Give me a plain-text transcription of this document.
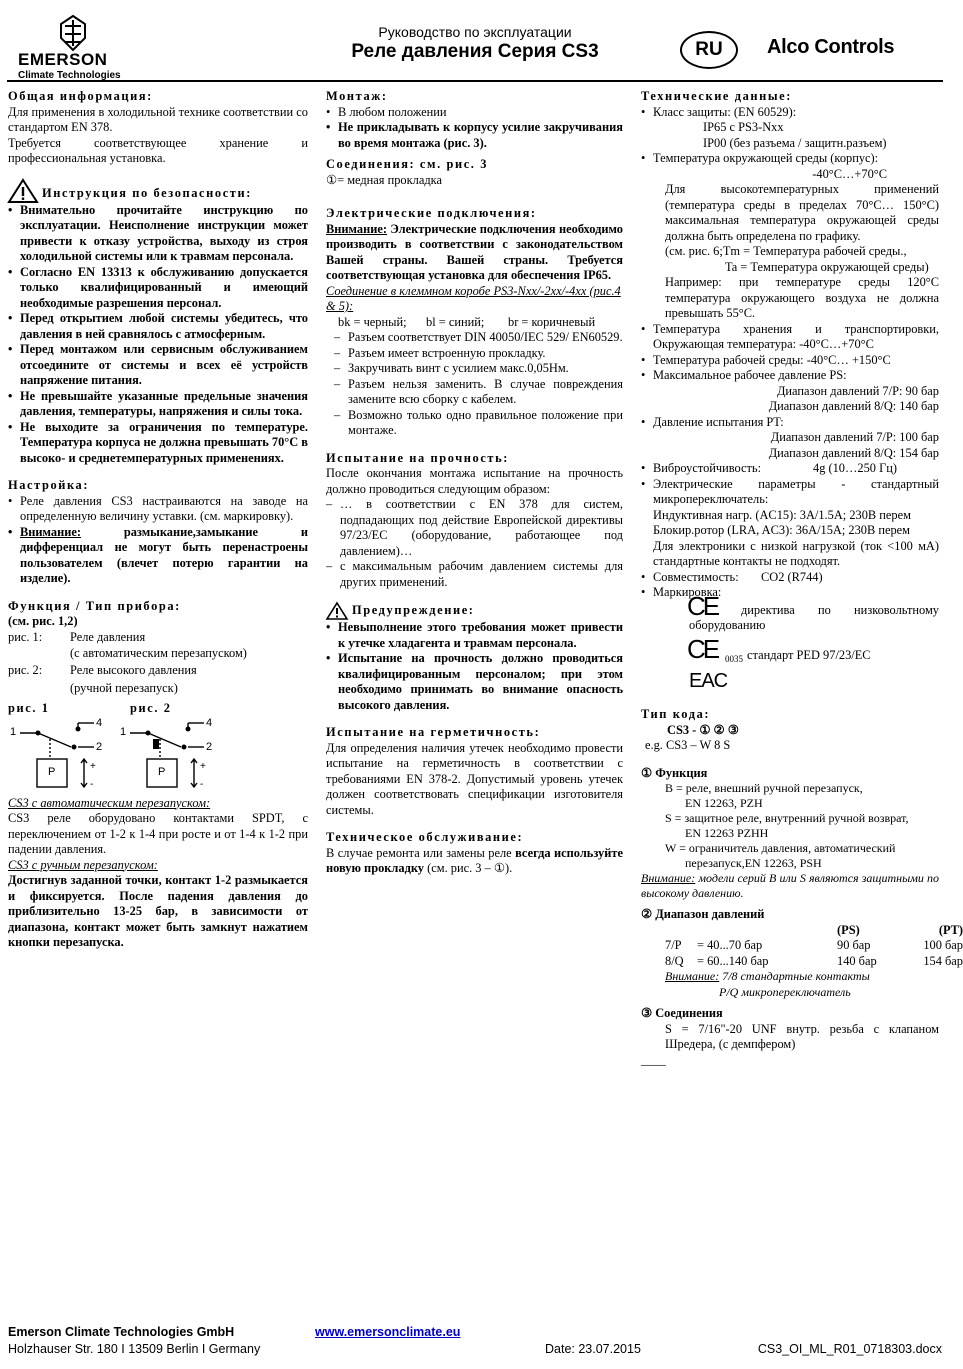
EMERSON
Climate Technologies
Руководство по эксплуатации
Реле давления Серия CS3	RU	Alco Controls

Общая информация:

Для применения в холодильной технике соответствии со стандартом EN 378.

Требуется соответствующее хранение и профессиональная установка.

Инструкция по безопасности:

• Внимательно прочитайте инструкцию по эксплуатации. Неисполнение инструкции может привести к отказу устройства, выходу из строя холодильной системы или к травмам персонала.
• Согласно EN 13313 к обслуживанию допускается только квалифицированный и имеющий необходимые разрешения персонал.
• Перед открытием любой системы убедитесь, что давления в ней сравнялось с атмосферным.
• Перед монтажом или сервисным обслуживанием отсоедините от системы и всех её устройств напряжение питания.
• Не превышайте указанные предельные значения давления, температуры, напряжения и силы тока.
• Не выходите за ограничения по температуре. Температура корпуса не должна превышать 70°C в высоко- и среднетемпературных применениях.

Настройка:

• Реле давления CS3 настраиваются на заводе на определенную величину уставки. (см. маркировку).
• Внимание:	размыкание,замыкание и дифференциал не могут быть перенастроены пользователем (влечет потерю гарантии на изделие).

Функция / Тип прибора:

(см. рис. 1,2)

рис. 1:	Реле давления
(с автоматическим перезапуском)
рис. 2:	Реле высокого давления
(ручной перезапуск)
рис. 1	рис. 2
1
4
2
P	+
-
1
4
2
P	+
-

CS3 с автоматическим перезапуском:

CS3 реле оборудовано контактами SPDT, с переключением от 1-2 к 1-4 при росте и от 1-4 к 1-2 при падении давления.

CS3 с ручным перезапуском:

Достигнув заданной точки, контакт 1-2 размыкается и фиксируется. После падения давления до приблизительно 13-25 бар, в зависимости от диапазона, контакт может быть замкнут нажатием кнопки перезапуска.

Монтаж:

• В любом положении
• Не прикладывать к корпусу усилие закручивания во время монтажа (рис. 3).

Соединения: см. рис. 3

①= медная прокладка

Электрические подключения:

Внимание: Электрические подключения необходимо производить в соответствии с законодательством Вашей страны. Вашей страны. Требуется соответствующая установка для обеспечения IP65.

Соединение в клеммном коробе PS3-Nxx/-2xx/-4xx (рис.4 & 5):

bk = черный;	bl = синий;	br = коричневый
– Разъем соответствует DIN 40050/IEC 529/ EN60529.
– Разъем имеет встроенную прокладку.
– Закручивать винт с усилием макс.0,05Нм.
– Разъем нельзя заменить. В случае повреждения замените всю сборку с кабелем.
– Возможно только одно правильное положение при монтаже.

Испытание на прочность:

После окончания монтажа испытание на прочность должно проводиться следующим образом:

– … в соответствии с EN 378 для систем, подпадающих под действие Европейской директивы 97/23/EC (оборудование, работающее под давлением)…
– с максимальным рабочим давлением системы для других применений.

Предупреждение:

• Невыполнение этого требования может привести к утечке хладагента и травмам персонала.
• Испытание на прочность должно проводиться квалифицированным персоналом; при этом необходимо принимать во внимание опасность высокого давления.

Испытание на герметичность:

Для определения наличия утечек необходимо провести испытание на герметичность в соответствии с требованиями EN 378-2. Допустимый уровень утечек должен соответствовать спецификации изготовителя системы.

Техническое обслуживание:

В случае ремонта или замены реле всегда используйте новую прокладку (см. рис. 3 – ①).

Технические данные:

• Класс защиты: (EN 60529):
IP65 с PS3-Nxx
IP00 (без разъема / защитн.разъем)
• Температура окружающей среды (корпус):
-40°C…+70°C
Для высокотемпературных применений (температура среды в пределах 70°C… 150°C) максимальная температура окружающей среды должна быть определена по графику.
(см. рис. 6;Tm = Температура рабочей среды.,
Ta = Температура окружающей среды)
Например: при температуре среды 120°C температура окружающего воздуха не должна превышать 55°C.
• Температура хранения и транспортировки, Окружающая температура: -40°C…+70°C
• Температура рабочей среды: -40°C… +150°C
• Максимальное рабочее давление PS:
Диапазон давлений 7/P: 90 бар
Диапазон давлений 8/Q: 140 бар
• Давление испытания PT:
Диапазон давлений 7/P: 100 бар
Диапазон давлений 8/Q: 154 бар
• Виброустойчивость:	4g (10…250 Гц)
• Электрические параметры - стандартный микропереключатель:
Индуктивная нагр. (AC15): 3A/1.5A; 230В перем
Блокир.ротор (LRA, AC3): 36A/15A; 230В перем
Для электроники с низкой нагрузкой (ток <100 мА) стандартные контакты не подходят.
• Совместимость: CO2 (R744)
• Маркировка:
CE	директива по низковольтному оборудованию
CE 0035 стандарт PED 97/23/EC
EAC

Тип кода:

CS3 - ① ② ③

e.g. CS3 – W 8 S

① Функция

B = реле, внешний ручной перезапуск,
EN 12263, PZH
S = защитное реле, внутренний ручной возврат,
EN 12263 PZHH
W = ограничитель давления, автоматический
перезапуск,EN 12263, PSH

Внимание: модели серий B или S являются защитными по высокому давлению.

② Диапазон давлений

(PS)	(PT)
7/P	= 40...70 бар	90 бар	100 бар
8/Q	= 60...140 бар	140 бар	154 бар
Внимание: 7/8 стандартные контакты
P/Q микропереключатель

③ Соединения

S = 7/16"-20 UNF внутр. резьба с клапаном Шредера, (с демпфером)

____

Emerson Climate Technologies GmbH
Holzhauser Str. 180 I 13509 Berlin I Germany
www.emersonclimate.eu
Date: 23.07.2015	CS3_OI_ML_R01_0718303.docx
